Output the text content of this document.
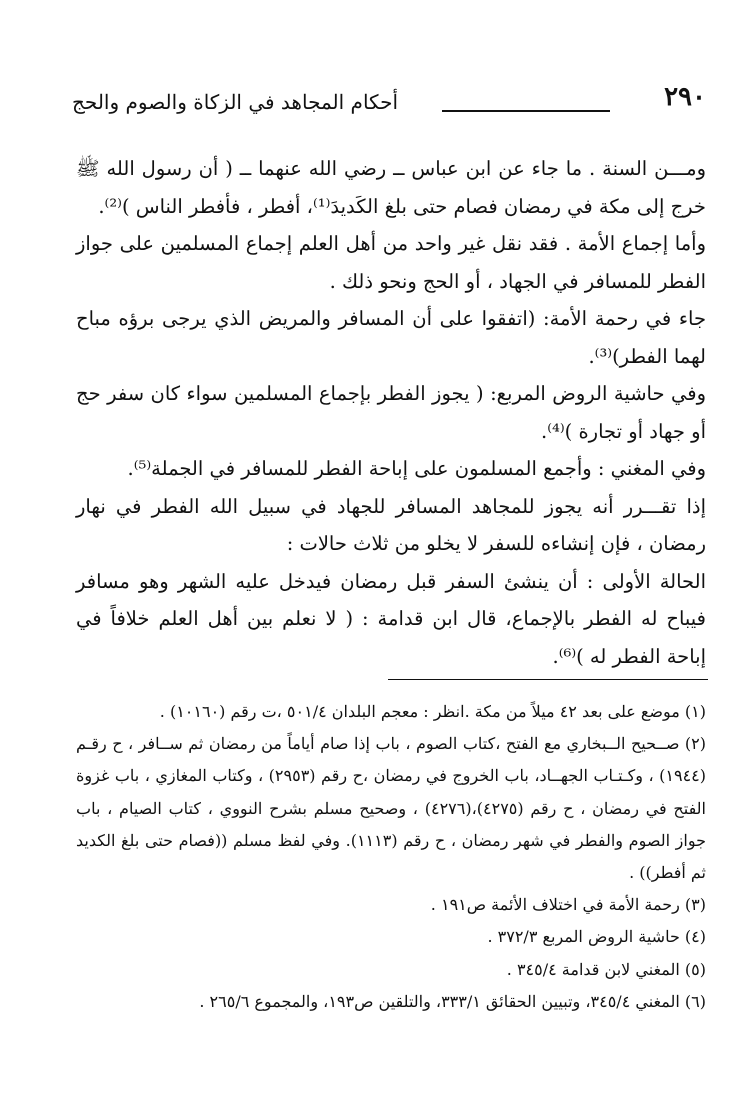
٢٩٠
أحكام المجاهد في الزكاة والصوم والحج

ومـــن السنة . ما جاء عن ابن عباس ــ رضي الله عنهما ــ ( أن رسول الله ﷺ خرج إلى مكة في رمضان فصام حتى بلغ الكَديدَ⁽¹⁾، أفطر ، فأفطر الناس )⁽²⁾.

وأما إجماع الأمة . فقد نقل غير واحد من أهل العلم إجماع المسلمين على جواز الفطر للمسافر في الجهاد ، أو الحج ونحو ذلك .

جاء في رحمة الأمة: (اتفقوا على أن المسافر والمريض الذي يرجى برؤه مباح لهما الفطر)⁽³⁾.

وفي حاشية الروض المربع: ( يجوز الفطر بإجماع المسلمين سواء كان سفر حج أو جهاد أو تجارة )⁽⁴⁾.

وفي المغني : وأجمع المسلمون على إباحة الفطر للمسافر في الجملة⁽⁵⁾.

إذا تقـــرر أنه يجوز للمجاهد المسافر للجهاد في سبيل الله الفطر في نهار رمضان ، فإن إنشاءه للسفر لا يخلو من ثلاث حالات :

الحالة الأولى : أن ينشئ السفر قبل رمضان فيدخل عليه الشهر وهو مسافر فيباح له الفطر بالإجماع، قال ابن قدامة : ( لا نعلم بين أهل العلم خلافاً في إباحة الفطر له )⁽⁶⁾.

(١) موضع على بعد ٤٢ ميلاً من مكة .انظر : معجم البلدان ٥٠١/٤ ،ت رقم (١٠١٦٠) .

(٢) صــحيح الــبخاري مع الفتح ،كتاب الصوم ، باب إذا صام أياماً من رمضان ثم ســافر ، ح رقـم (١٩٤٤) ، وكـتـاب الجهــاد، باب الخروج في رمضان ،ح رقم (٢٩٥٣) ، وكتاب المغازي ، باب غزوة الفتح في رمضان ، ح رقم (٤٢٧٥)،(٤٢٧٦) ، وصحيح مسلم بشرح النووي ، كتاب الصيام ، باب جواز الصوم والفطر في شهر رمضان ، ح رقم (١١١٣). وفي لفظ مسلم ((فصام حتى بلغ الكديد ثم أفطر)) .

(٣) رحمة الأمة في اختلاف الأئمة ص١٩١ .

(٤) حاشية الروض المربع ٣٧٢/٣ .

(٥) المغني لابن قدامة ٣٤٥/٤ .

(٦) المغني ٣٤٥/٤، وتبيين الحقائق ٣٣٣/١، والتلقين ص١٩٣، والمجموع ٢٦٥/٦ .
